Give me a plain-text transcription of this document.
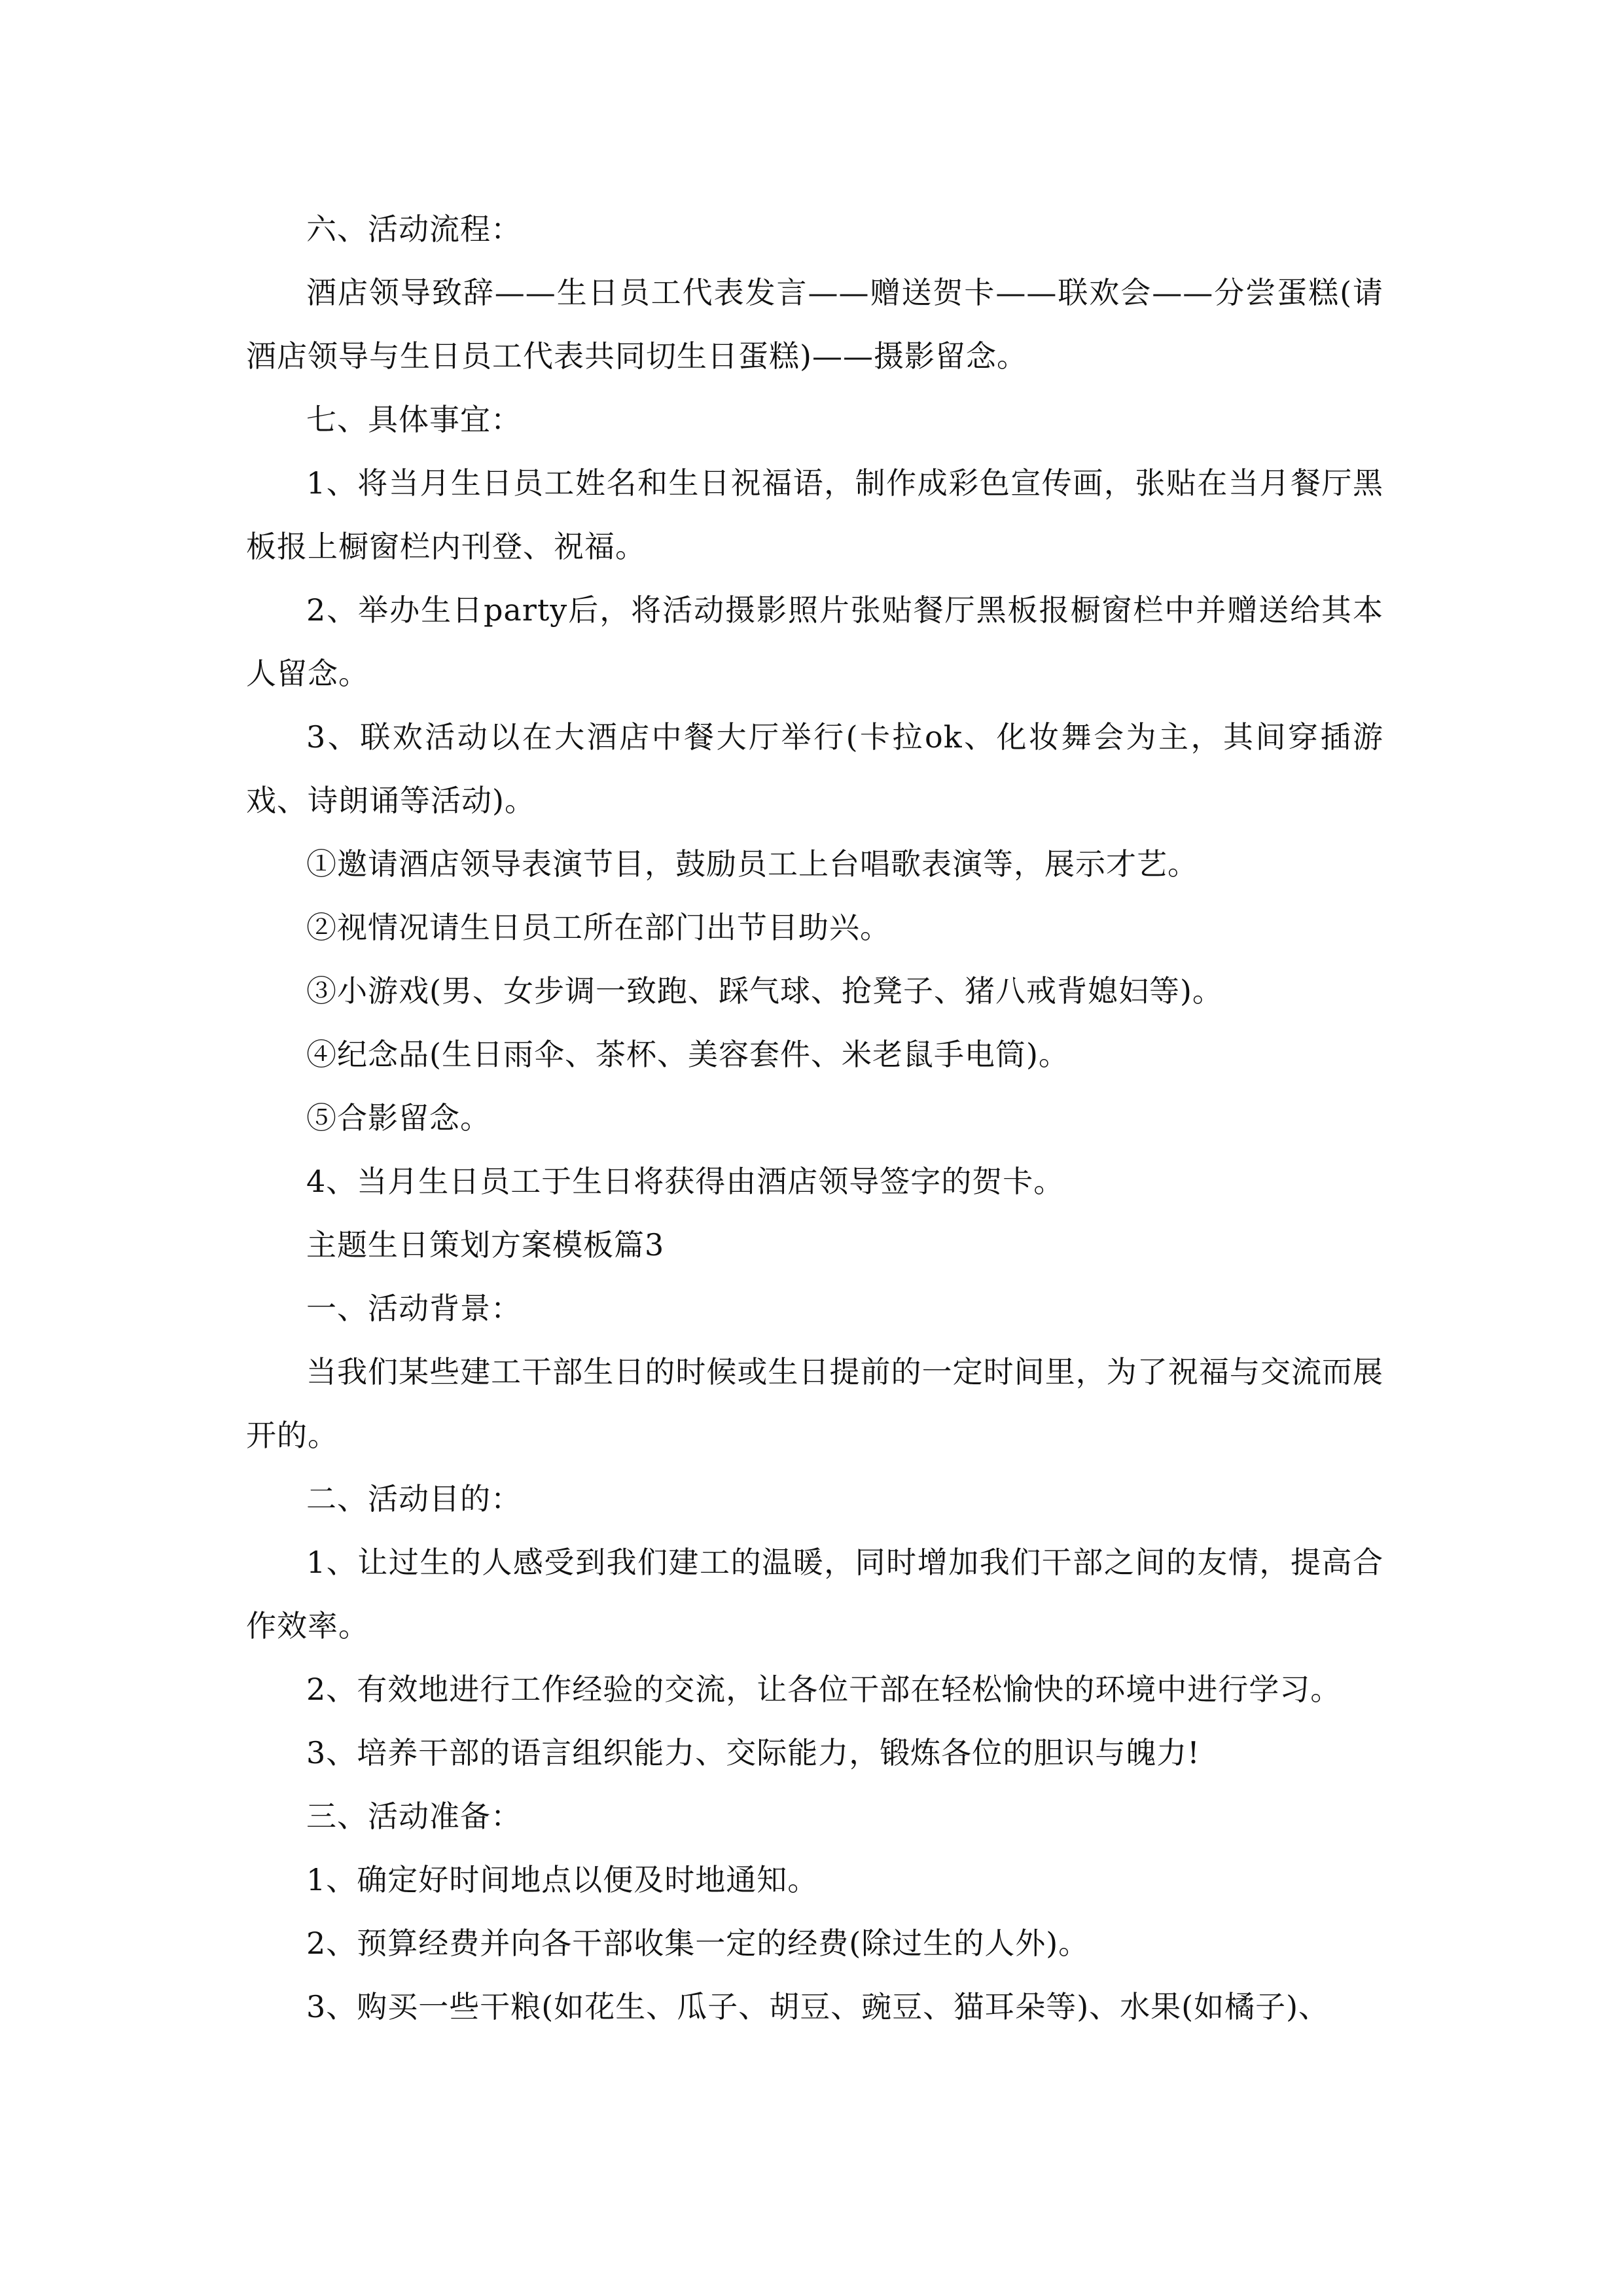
六、活动流程：

酒店领导致辞——生日员工代表发言——赠送贺卡——联欢会——分尝蛋糕(请酒店领导与生日员工代表共同切生日蛋糕)——摄影留念。

七、具体事宜：

1、将当月生日员工姓名和生日祝福语，制作成彩色宣传画，张贴在当月餐厅黑板报上橱窗栏内刊登、祝福。

2、举办生日party后，将活动摄影照片张贴餐厅黑板报橱窗栏中并赠送给其本人留念。

3、联欢活动以在大酒店中餐大厅举行(卡拉ok、化妆舞会为主，其间穿插游戏、诗朗诵等活动)。

①邀请酒店领导表演节目，鼓励员工上台唱歌表演等，展示才艺。

②视情况请生日员工所在部门出节目助兴。

③小游戏(男、女步调一致跑、踩气球、抢凳子、猪八戒背媳妇等)。

④纪念品(生日雨伞、茶杯、美容套件、米老鼠手电筒)。

⑤合影留念。

4、当月生日员工于生日将获得由酒店领导签字的贺卡。

主题生日策划方案模板篇3

一、活动背景：

当我们某些建工干部生日的时候或生日提前的一定时间里，为了祝福与交流而展开的。

二、活动目的：

1、让过生的人感受到我们建工的温暖，同时增加我们干部之间的友情，提高合作效率。

2、有效地进行工作经验的交流，让各位干部在轻松愉快的环境中进行学习。

3、培养干部的语言组织能力、交际能力，锻炼各位的胆识与魄力!

三、活动准备：

1、确定好时间地点以便及时地通知。

2、预算经费并向各干部收集一定的经费(除过生的人外)。

3、购买一些干粮(如花生、瓜子、胡豆、豌豆、猫耳朵等)、水果(如橘子)、
